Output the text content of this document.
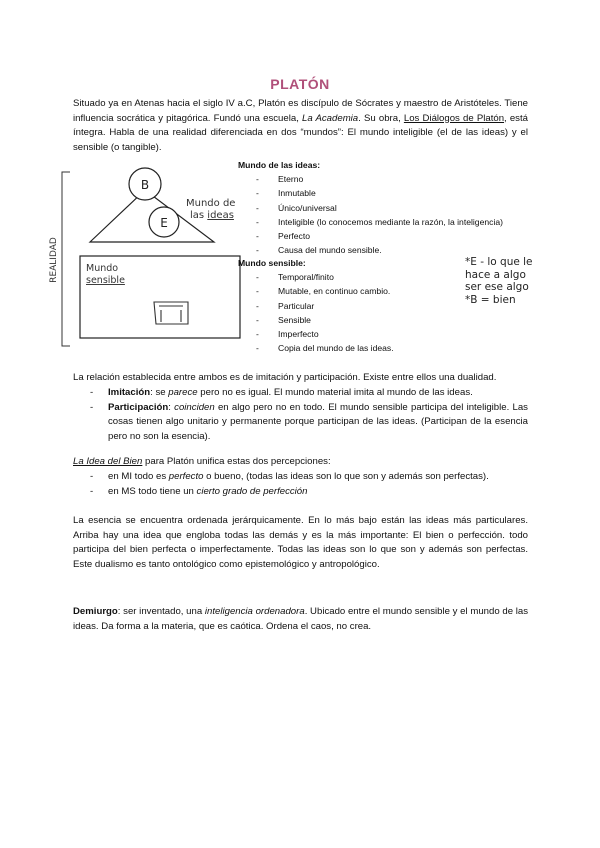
PLATÓN

Situado ya en Atenas hacia el siglo IV a.C, Platón es discípulo de Sócrates y maestro de Aristóteles. Tiene influencia socrática y pitagórica. Fundó una escuela, La Academia. Su obra, Los Diálogos de Platón, está íntegra. Habla de una realidad diferenciada en dos “mundos”: El mundo inteligible (el de las ideas) y el sensible (o tangible).

REALIDAD
B
E
Mundo de
las ideas
Mundo
sensible
Mundo de las ideas:
- Eterno
- Inmutable
- Único/universal
- Inteligible (lo conocemos mediante la razón, la inteligencia)
- Perfecto
- Causa del mundo sensible.
Mundo sensible:
- Temporal/finito
- Mutable, en continuo cambio.
- Particular
- Sensible
- Imperfecto
- Copia del mundo de las ideas.
*E - lo que le
hace a algo
ser ese algo
*B = bien
La relación establecida entre ambos es de imitación y participación. Existe entre ellos una dualidad.
- Imitación: se parece pero no es igual. El mundo material imita al mundo de las ideas.
- Participación: coinciden en algo pero no en todo. El mundo sensible participa del inteligible. Las cosas tienen algo unitario y permanente porque participan de las ideas. (Participan de la esencia pero no son la esencia).

La Idea del Bien para Platón unifica estas dos percepciones:

- en MI todo es perfecto o bueno, (todas las ideas son lo que son y además son perfectas).
- en MS todo tiene un cierto grado de perfección
La esencia se encuentra ordenada jerárquicamente. En lo más bajo están las ideas más particulares. Arriba hay una idea que engloba todas las demás y es la más importante: El bien o perfección. todo participa del bien perfecta o imperfectamente. Todas las ideas son lo que son y además son perfectas. Este dualismo es tanto ontológico como epistemológico y antropológico.

Demiurgo: ser inventado, una inteligencia ordenadora. Ubicado entre el mundo sensible y el mundo de las ideas. Da forma a la materia, que es caótica. Ordena el caos, no crea.
